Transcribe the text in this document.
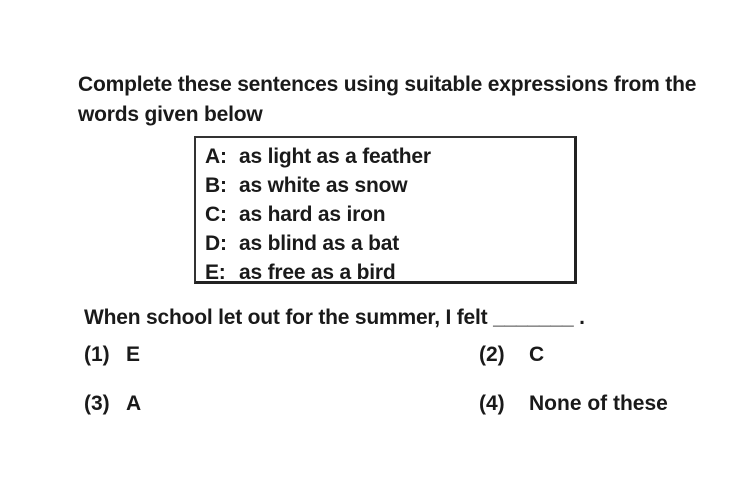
Complete these sentences using suitable expressions from the words given below

A: as light as a feather
B: as white as snow
C: as hard as iron
D: as blind as a bat
E: as free as a bird

When school let out for the summer, I felt _______ .

(1) E	(2)	C
(3) A	(4)	None of these
